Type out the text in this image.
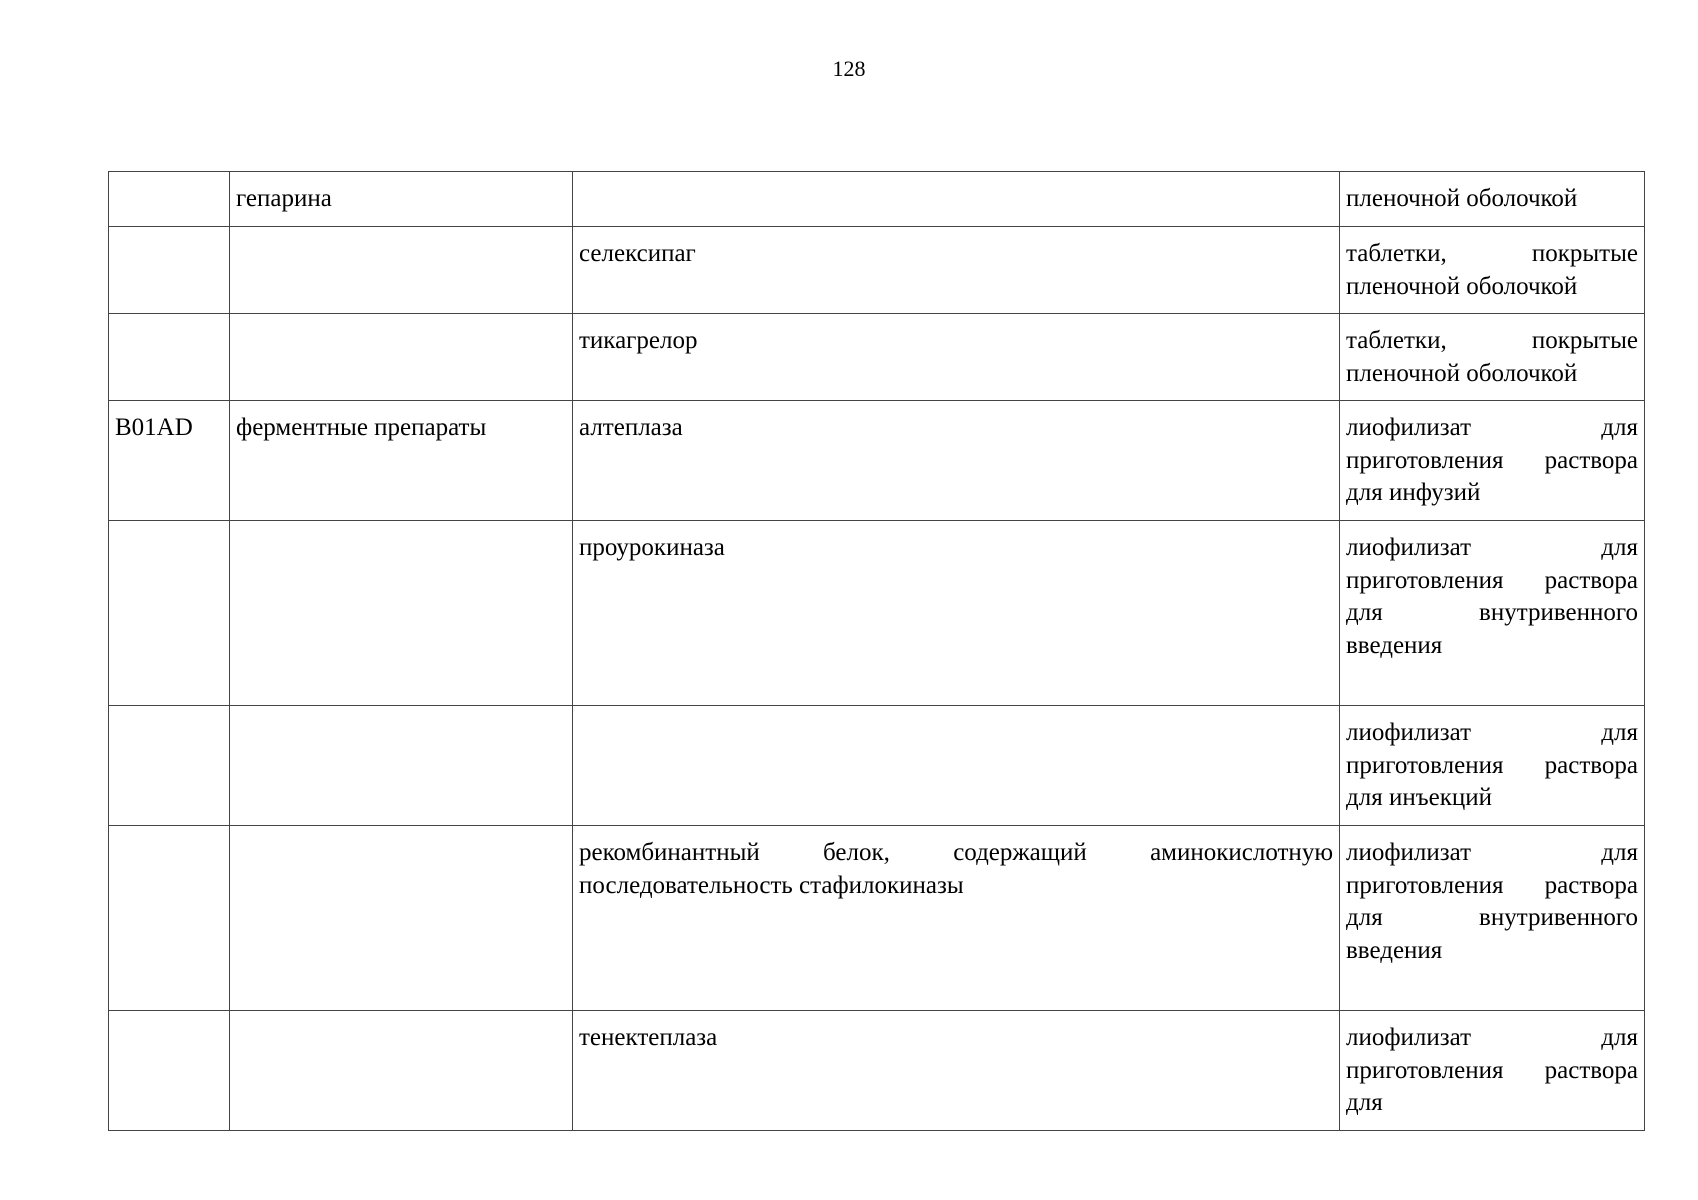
128
	гепарина		пленочной оболочкой
		селексипаг	таблетки, покрытые пленочной оболочкой
		тикагрелор	таблетки, покрытые пленочной оболочкой
B01AD	ферментные препараты	алтеплаза	лиофилизат для приготовления раствора для инфузий
		проурокиназа	лиофилизат для приготовления раствора для внутривенного введения
			лиофилизат для приготовления раствора для инъекций
		рекомбинантный белок, содержащий аминокислотную последовательность стафилокиназы	лиофилизат для приготовления раствора для внутривенного введения
		тенектеплаза	лиофилизат для приготовления раствора для
